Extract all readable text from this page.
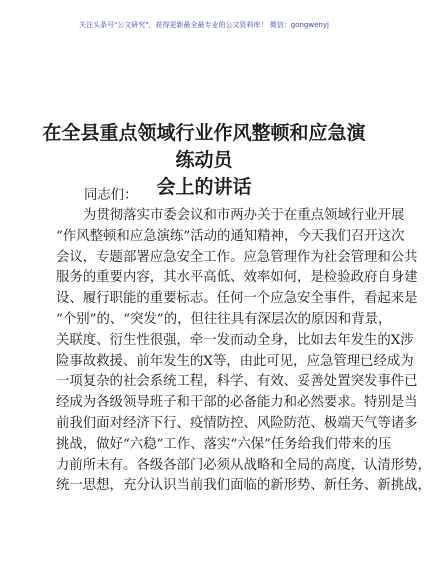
关注头条号"公文研究"，获得更新最全最专业的公文资料库！ 微信：gongwenyj
在全县重点领域行业作风整顿和应急演练动员
会上的讲话

同志们：

为贯彻落实市委会议和市两办关于在重点领域行业开展
“作风整顿和应急演练”活动的通知精神，今天我们召开这次
会议，专题部署应急安全工作。应急管理作为社会管理和公共
服务的重要内容，其水平高低、效率如何，是检验政府自身建
设、履行职能的重要标志。任何一个应急安全事件，看起来是
“个别”的、“突发”的，但往往具有深层次的原因和背景，
关联度、衍生性很强，牵一发而动全身，比如去年发生的X涉
险事故救援、前年发生的X等，由此可见，应急管理已经成为
一项复杂的社会系统工程，科学、有效、妥善处置突发事件已
经成为各级领导班子和干部的必备能力和必然要求。特别是当
前我们面对经济下行、疫情防控、风险防范、极端天气等诸多
挑战，做好“六稳”工作、落实“六保”任务给我们带来的压
力前所未有。各级各部门必须从战略和全局的高度，认清形势，
统一思想，充分认识当前我们面临的新形势、新任务、新挑战，
